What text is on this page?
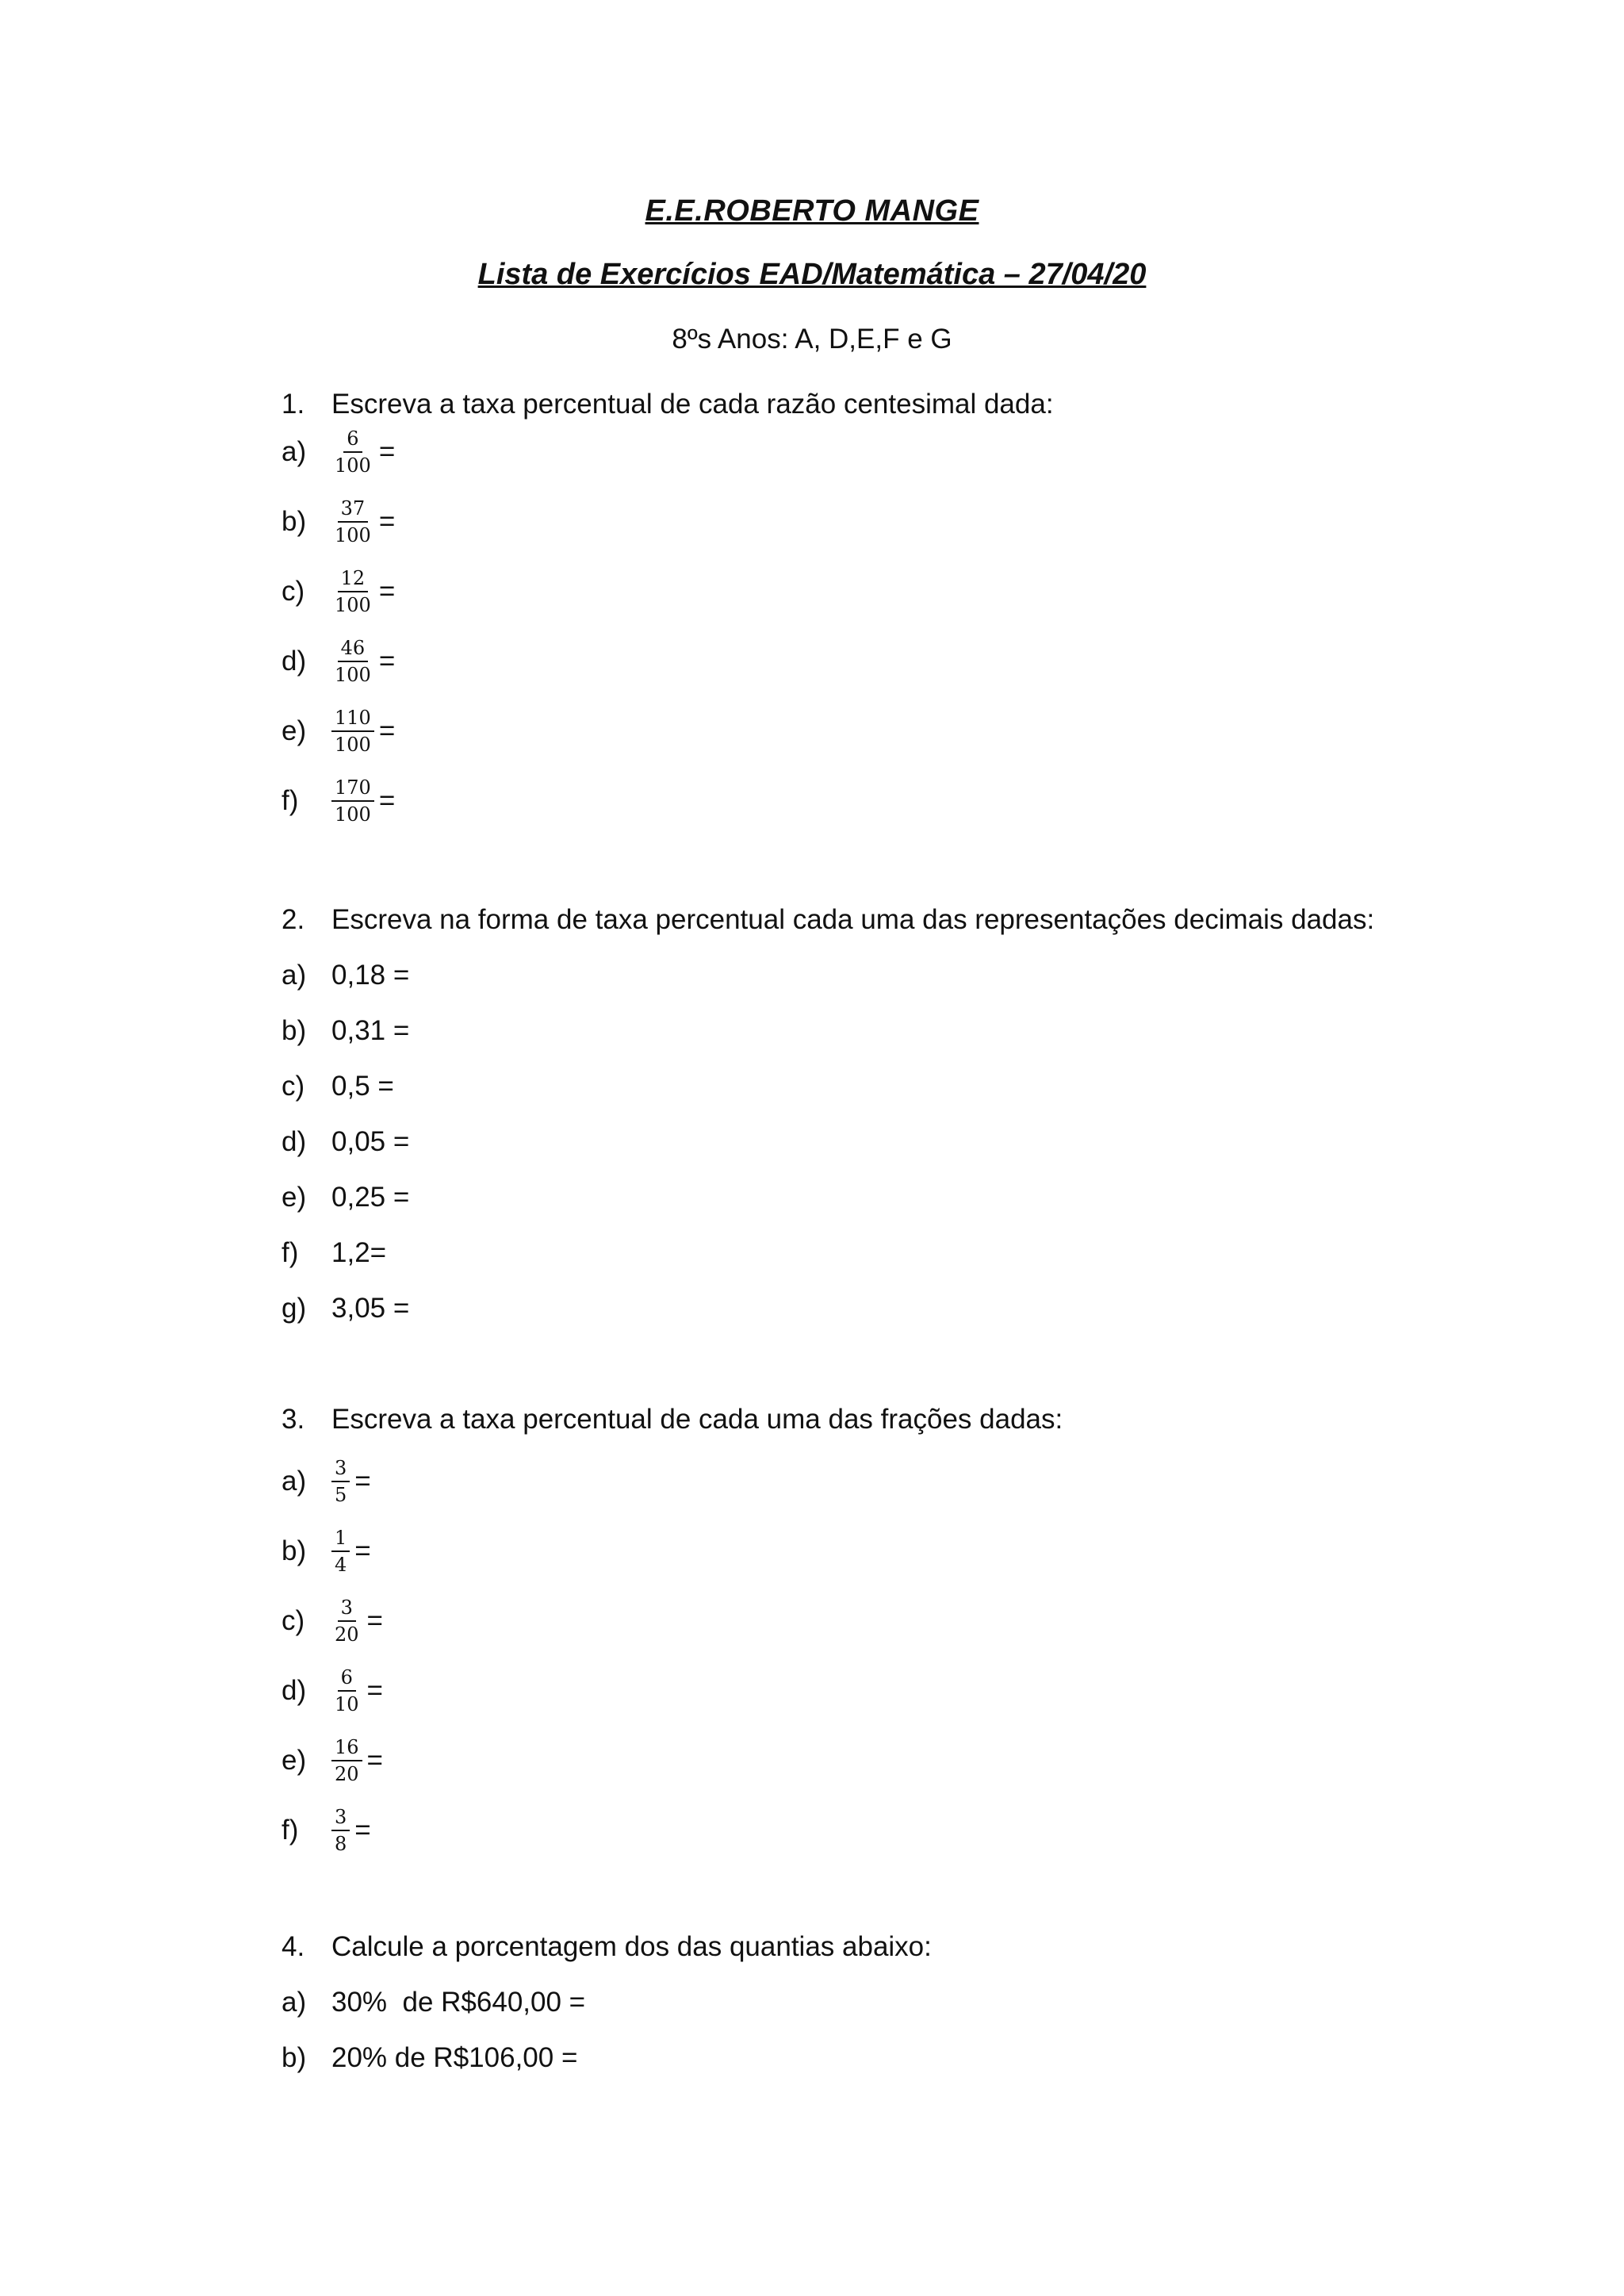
E.E.ROBERTO MANGE
Lista de Exercícios EAD/Matemática – 27/04/20
8ºs Anos: A, D,E,F e G
1. Escreva a taxa percentual de cada razão centesimal dada:
a)	$\frac{6}{100}$ =
b)	$\frac{37}{100}$ =
c)	$\frac{12}{100}$ =
d)	$\frac{46}{100}$ =
e)	$\frac{110}{100}$ =
f)	$\frac{170}{100}$ =
2. Escreva na forma de taxa percentual cada uma das representações decimais dadas:
a) 0,18 =
b) 0,31 =
c) 0,5 =
d) 0,05 =
e) 0,25 =
f)	1,2=
g) 3,05 =
3. Escreva a taxa percentual de cada uma das frações dadas:
a)	$\frac{3}{5}$ =
b)	$\frac{1}{4}$ =
c)	$\frac{3}{20}$ =
d)	$\frac{6}{10}$ =
e)	$\frac{16}{20}$ =
f)	$\frac{3}{8}$ =
4. Calcule a porcentagem dos das quantias abaixo:
a) 30%  de R$640,00 =
b) 20% de R$106,00 =
